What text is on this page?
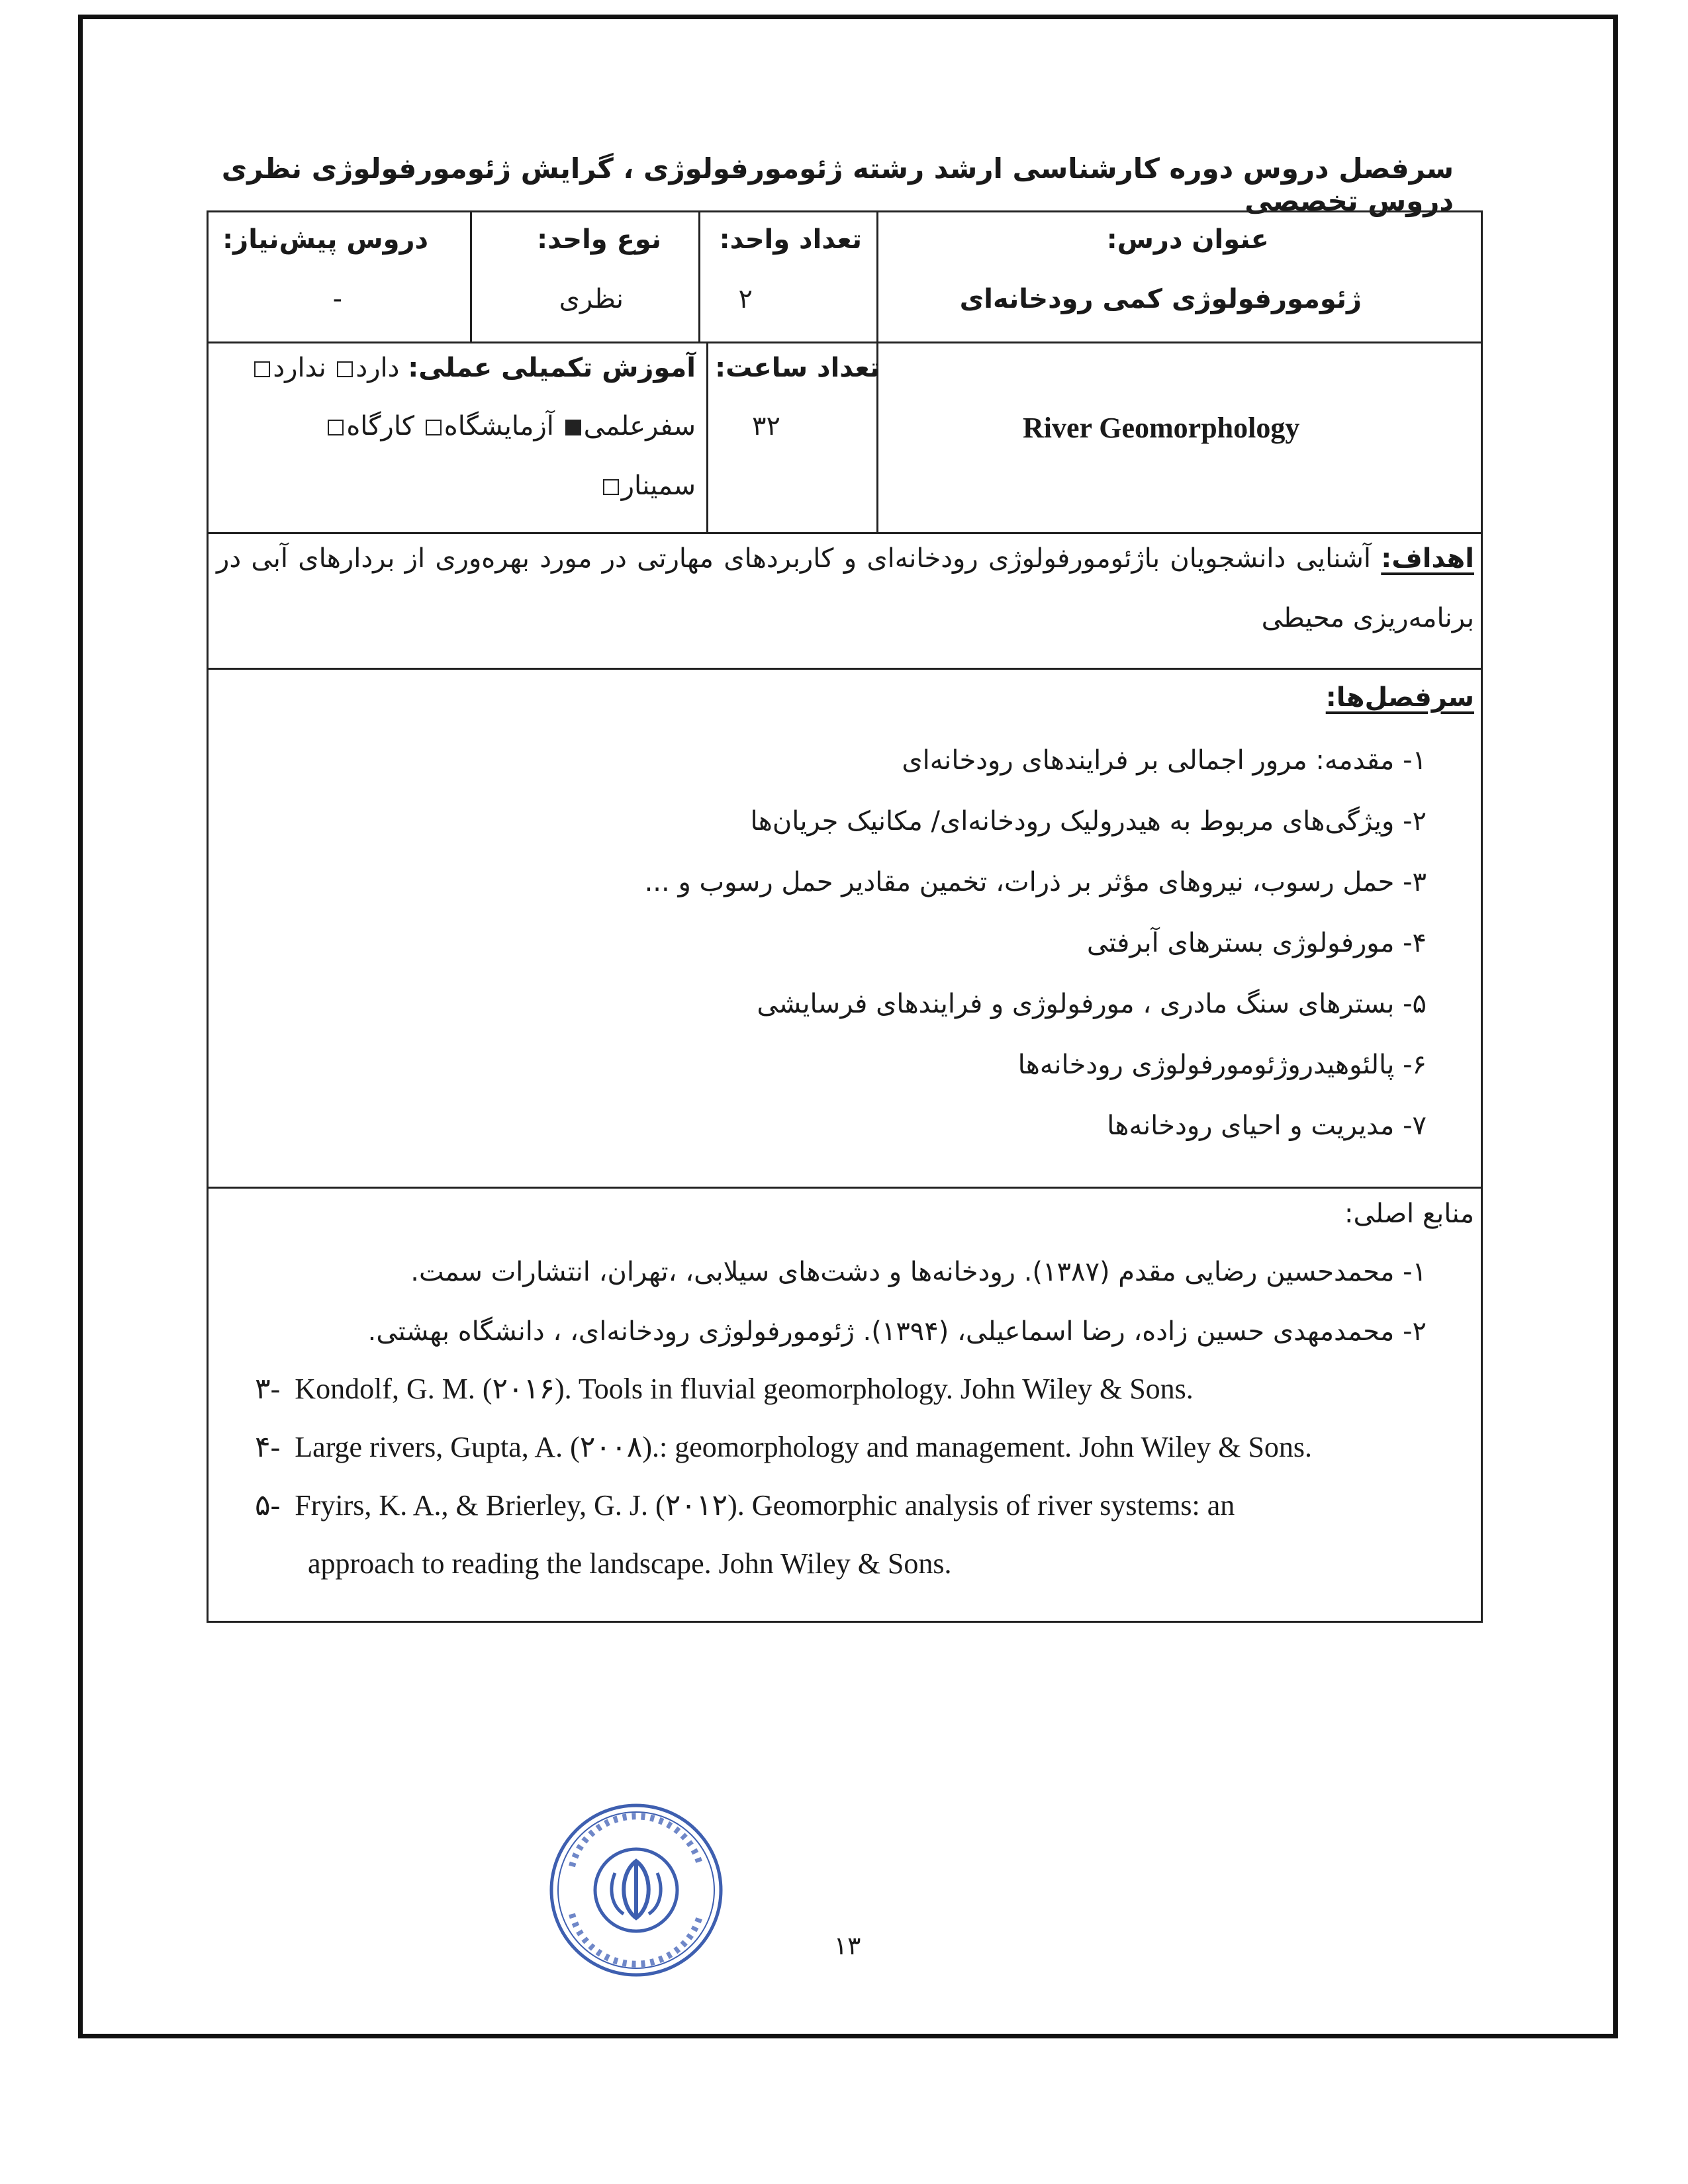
سرفصل دروس دوره کارشناسی ارشد رشته ژئومورفولوژی ، گرایش ژئومورفولوژی نظری دروس تخصصی
عنوان درس:
ژئومورفولوژی کمی رودخانه‌ای
تعداد واحد:
۲
نوع واحد:
نظری
دروس پیش‌نیاز:
-
River Geomorphology
تعداد ساعت:
۳۲
آموزش تکمیلی عملی: دارد ندارد
سفرعلمی آزمایشگاه کارگاه
سمینار
اهداف: آشنایی دانشجویان باژئومورفولوژی رودخانه‌ای و کاربردهای مهارتی در مورد بهره‌وری از بردارهای آبی در
برنامه‌ریزی محیطی
سرفصل‌ها:
۱- مقدمه: مرور اجمالی بر فرایندهای رودخانه‌ای
۲- ویژگی‌های مربوط به هیدرولیک رودخانه‌ای/ مکانیک جریان‌ها
۳- حمل رسوب، نیروهای مؤثر بر ذرات، تخمین مقادیر حمل رسوب و ...
۴- مورفولوژی بسترهای آبرفتی
۵- بسترهای سنگ مادری ، مورفولوژی و فرایندهای فرسایشی
۶- پالئوهیدروژئومورفولوژی رودخانه‌ها
۷- مدیریت و احیای رودخانه‌ها
منابع اصلی:
۱- محمدحسین رضایی مقدم (۱۳۸۷). رودخانه‌ها و دشت‌های سیلابی، ،تهران، انتشارات سمت.
۲- محمدمهدی حسین زاده، رضا اسماعیلی، (۱۳۹۴). ژئومورفولوژی رودخانه‌ای، ، دانشگاه بهشتی.
۳- Kondolf, G. M. (۲۰۱۶). Tools in fluvial geomorphology. John Wiley & Sons.
۴- Large rivers, Gupta, A. (۲۰۰۸).: geomorphology and management. John Wiley & Sons.
۵- Fryirs, K. A., & Brierley, G. J. (۲۰۱۲). Geomorphic analysis of river systems: an
approach to reading the landscape. John Wiley & Sons.
۱۳
